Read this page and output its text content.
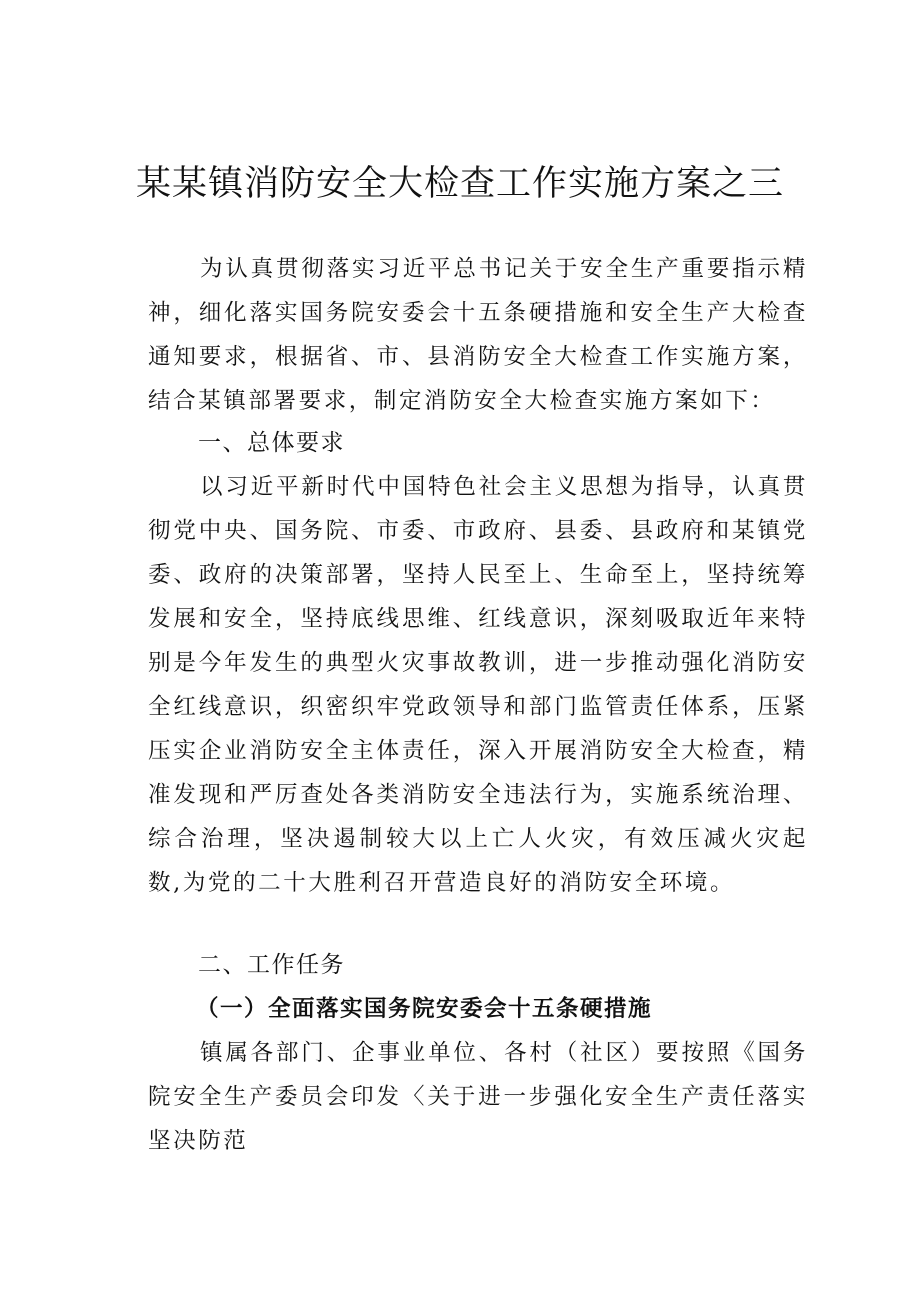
某某镇消防安全大检查工作实施方案之三

为认真贯彻落实习近平总书记关于安全生产重要指示精神，细化落实国务院安委会十五条硬措施和安全生产大检查通知要求，根据省、市、县消防安全大检查工作实施方案，结合某镇部署要求，制定消防安全大检查实施方案如下：

一、总体要求

以习近平新时代中国特色社会主义思想为指导，认真贯彻党中央、国务院、市委、市政府、县委、县政府和某镇党委、政府的决策部署，坚持人民至上、生命至上，坚持统筹发展和安全，坚持底线思维、红线意识，深刻吸取近年来特别是今年发生的典型火灾事故教训，进一步推动强化消防安全红线意识，织密织牢党政领导和部门监管责任体系，压紧压实企业消防安全主体责任，深入开展消防安全大检查，精准发现和严厉查处各类消防安全违法行为，实施系统治理、综合治理，坚决遏制较大以上亡人火灾，有效压减火灾起数,为党的二十大胜利召开营造良好的消防安全环境。

二、工作任务
（一）全面落实国务院安委会十五条硬措施

镇属各部门、企事业单位、各村（社区）要按照《国务院安全生产委员会印发〈关于进一步强化安全生产责任落实坚决防范
